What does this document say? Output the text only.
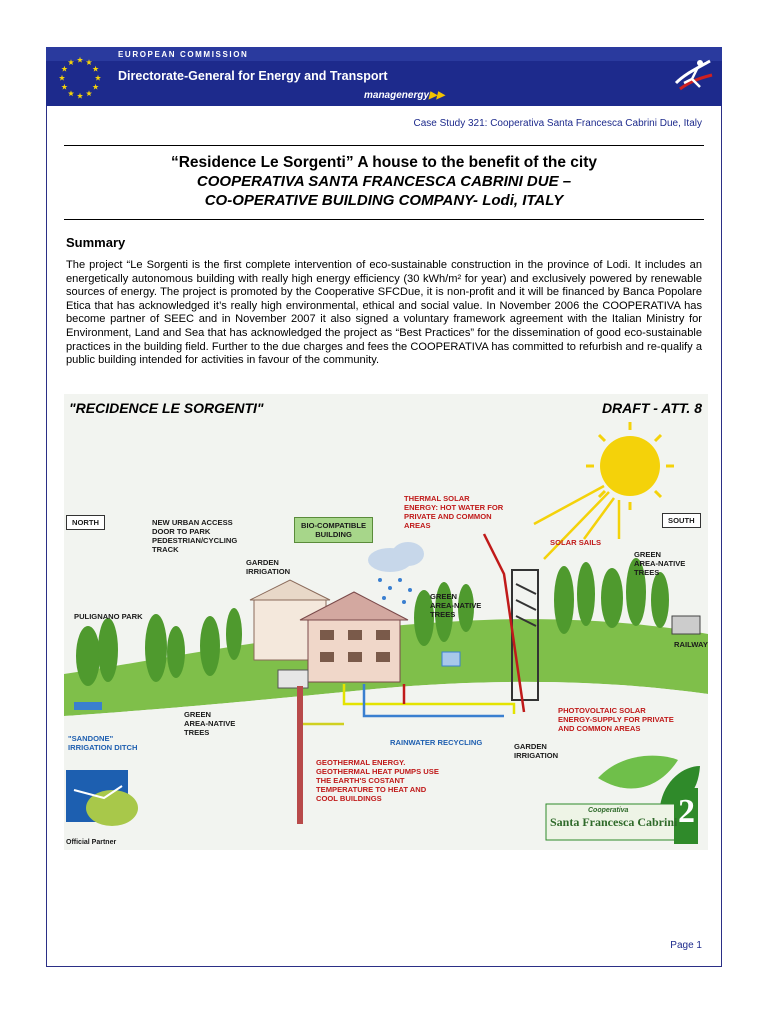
EUROPEAN COMMISSION
Directorate-General for Energy and Transport
managenergy▶▶
Case Study 321: Cooperativa Santa Francesca Cabrini Due, Italy
“Residence Le Sorgenti” A house to the benefit of the city
COOPERATIVA SANTA FRANCESCA CABRINI DUE –
CO-OPERATIVE BUILDING COMPANY- Lodi, ITALY
Summary
The project “Le Sorgenti is the first complete intervention of eco-sustainable construction in the province of Lodi. It includes an energetically autonomous building with really high energy efficiency (30 kWh/m² for year) and exclusively powered by renewable sources of energy. The project is promoted by the Cooperative SFCDue, it is non-profit and it will be financed by Banca Popolare Etica that has acknowledged it’s really high environmental, ethical and social value. In November 2006 the COOPERATIVA has become partner of SEEC and in November 2007 it also signed a voluntary framework agreement with the Italian Ministry for Environment, Land and Sea that has acknowledged the project as “Best Practices” for the dissemination of good eco-sustainable practices in the building field. Further to the due charges and fees the COOPERATIVA has committed to refurbish and re-qualify a public building intended for activities in favour of the community.
"RECIDENCE LE SORGENTI"	DRAFT - ATT. 8
NORTH	SOUTH
NEW URBAN ACCESS
DOOR TO PARK
PEDESTRIAN/CYCLING
TRACK
BIO-COMPATIBLE
BUILDING
THERMAL SOLAR
ENERGY: HOT WATER FOR
PRIVATE AND COMMON
AREAS
SOLAR SAILS
GREEN
AREA-NATIVE
TREES
GARDEN
IRRIGATION
GREEN
AREA-NATIVE
TREES
PULIGNANO PARK
RAILWAY
GREEN
AREA-NATIVE
TREES
PHOTOVOLTAIC SOLAR
ENERGY-SUPPLY FOR PRIVATE
AND COMMON AREAS
"SANDONE"
IRRIGATION DITCH
RAINWATER RECYCLING	GARDEN
IRRIGATION
GEOTHERMAL ENERGY.
GEOTHERMAL HEAT PUMPS USE
THE EARTH'S COSTANT
TEMPERATURE TO HEAT AND
COOL BUILDINGS
Official Partner
Cooperativa
Santa Francesca Cabrini 2
Page 1
